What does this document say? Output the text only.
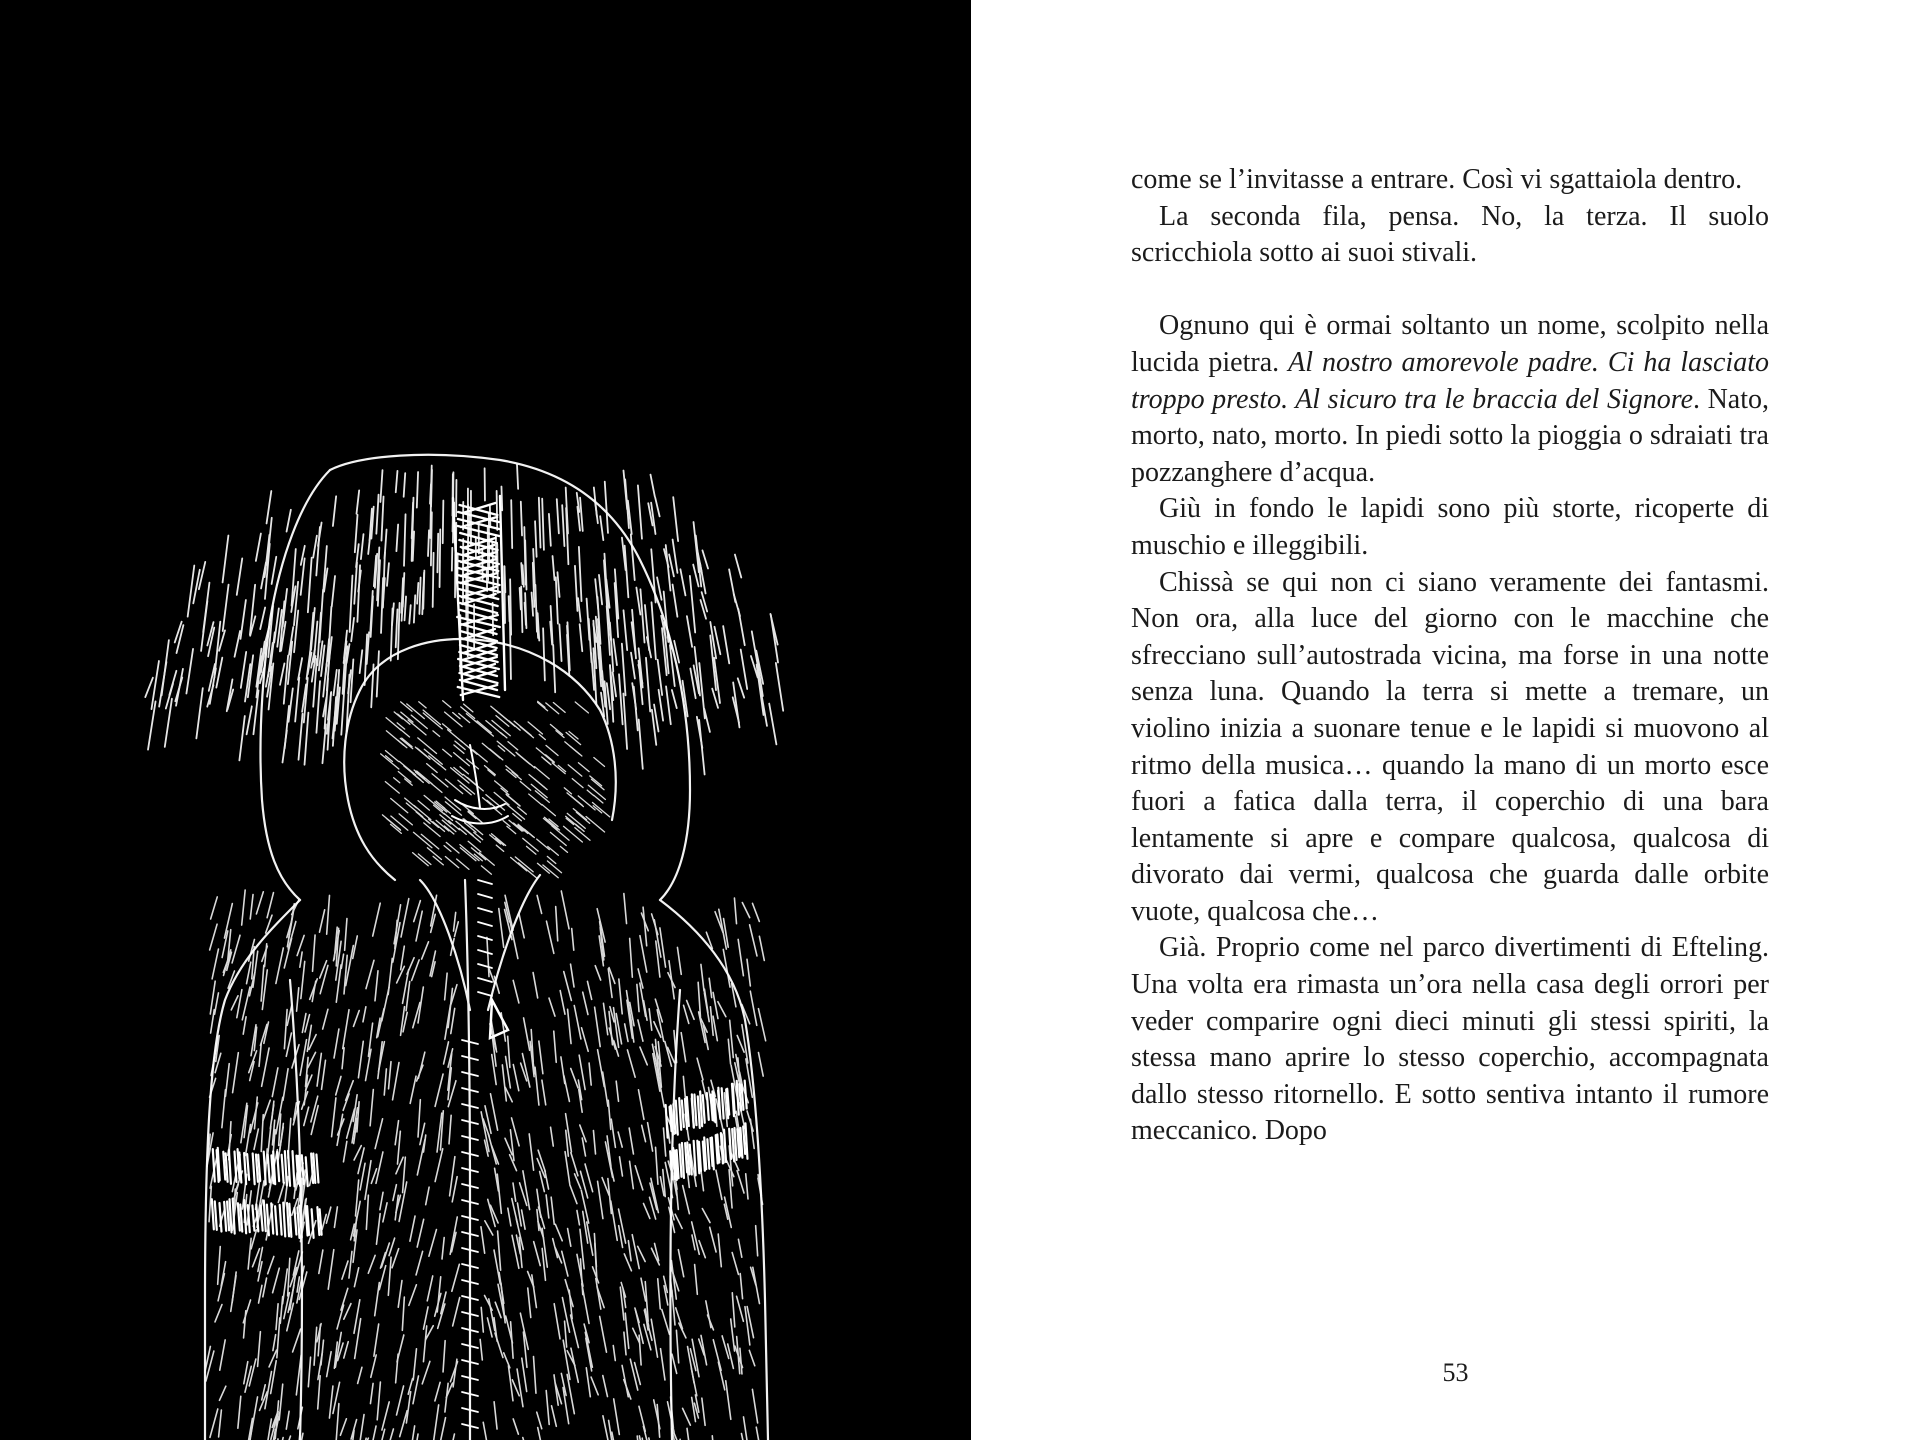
come se l’invitasse a entrare. Così vi sgattaiola dentro.

La seconda fila, pensa. No, la terza. Il suolo scricchiola sotto ai suoi stivali.

Ognuno qui è ormai soltanto un nome, scolpito nella lucida pietra. Al nostro amorevole padre. Ci ha lasciato troppo presto. Al sicuro tra le braccia del Signore. Nato, morto, nato, morto. In piedi sotto la pioggia o sdraiati tra pozzanghere d’acqua.

Giù in fondo le lapidi sono più storte, ricoperte di muschio e illeggibili.

Chissà se qui non ci siano veramente dei fantasmi. Non ora, alla luce del giorno con le macchine che sfrecciano sull’autostrada vicina, ma forse in una notte senza luna. Quando la terra si mette a tremare, un violino inizia a suonare tenue e le lapidi si muovono al ritmo della musica… quando la mano di un morto esce fuori a fatica dalla terra, il coperchio di una bara lentamente si apre e compare qualcosa, qualcosa di divorato dai vermi, qualcosa che guarda dalle orbite vuote, qualcosa che…

Già. Proprio come nel parco divertimenti di Efteling. Una volta era rimasta un’ora nella casa degli orrori per veder comparire ogni dieci minuti gli stessi spiriti, la stessa mano aprire lo stesso coperchio, accompagnata dallo stesso ritornello. E sotto sentiva intanto il rumore meccanico. Dopo

53
